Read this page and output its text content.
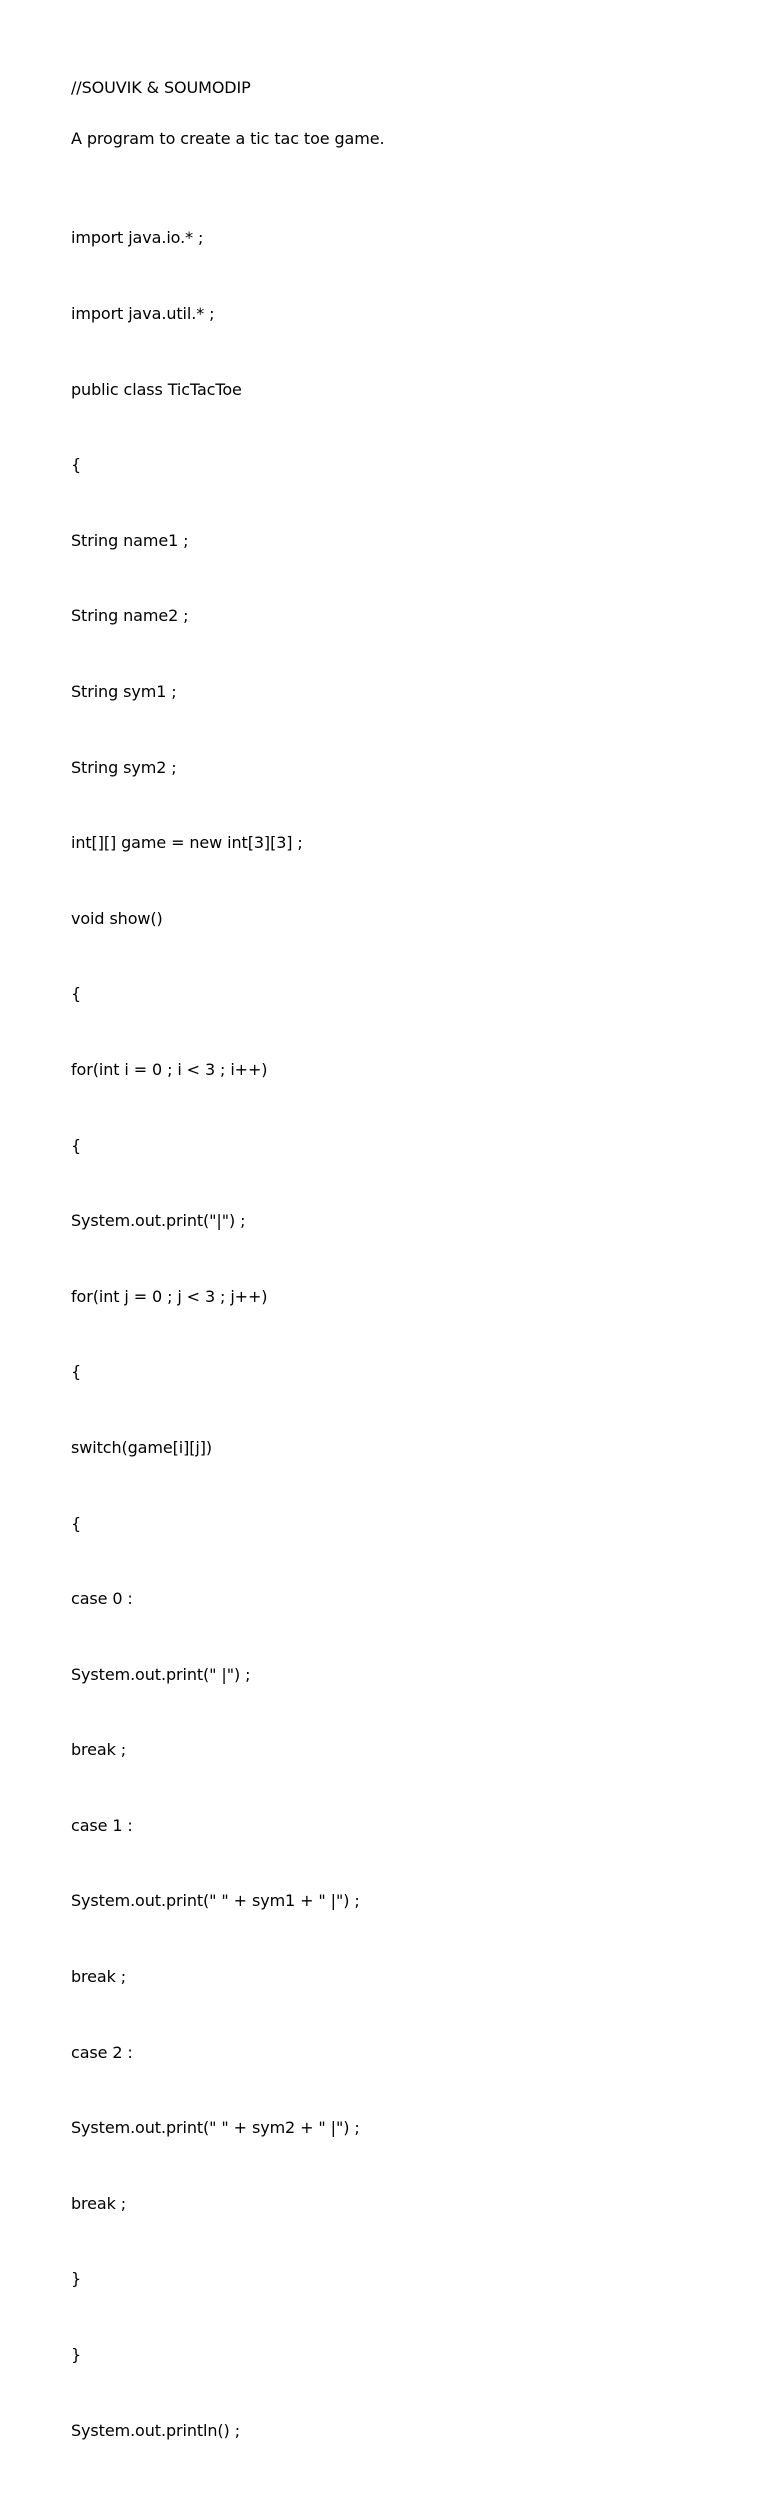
//SOUVIK & SOUMODIP
A program to create a tic tac toe game.

import java.io.* ;

import java.util.* ;

public class TicTacToe

{

String name1 ;

String name2 ;

String sym1 ;

String sym2 ;

int[][] game = new int[3][3] ;

void show()

{

for(int i = 0 ; i < 3 ; i++)

{

System.out.print("|") ;

for(int j = 0 ; j < 3 ; j++)

{

switch(game[i][j])

{

case 0 :

System.out.print(" |") ;

break ;

case 1 :

System.out.print(" " + sym1 + " |") ;

break ;

case 2 :

System.out.print(" " + sym2 + " |") ;

break ;

}

}

System.out.println() ;
